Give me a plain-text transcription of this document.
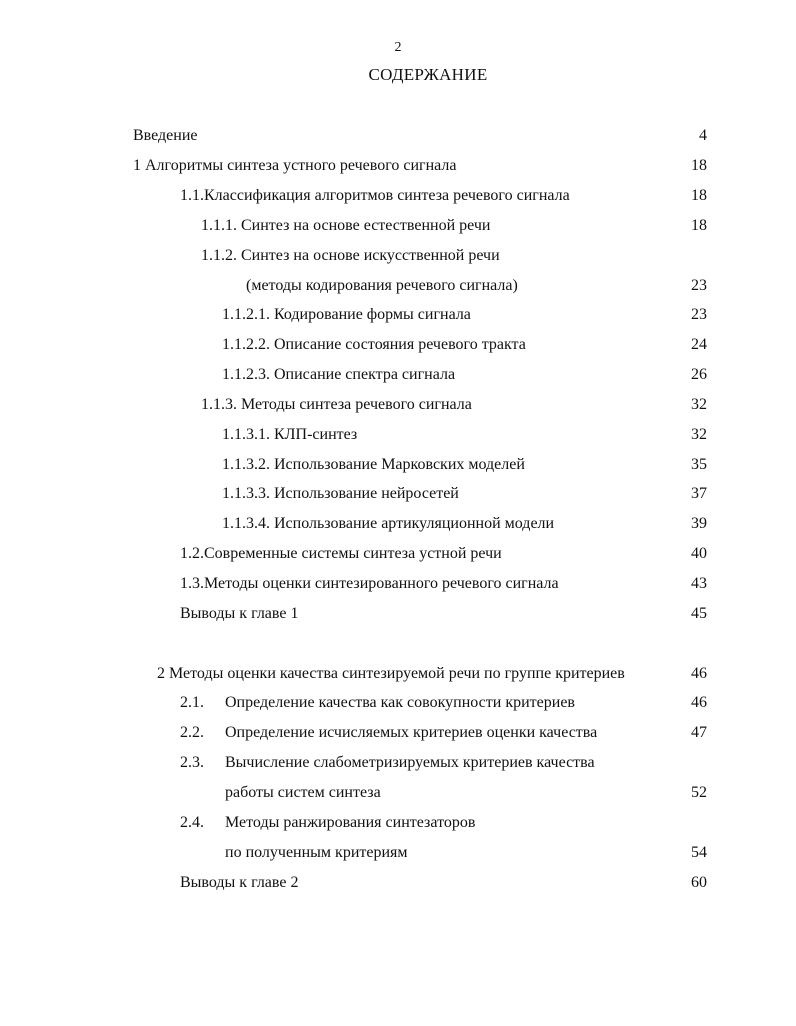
2
СОДЕРЖАНИЕ
Введение	4
1 Алгоритмы синтеза устного речевого сигнала	18
1.1.Классификация алгоритмов синтеза речевого сигнала	18
1.1.1. Синтез на основе естественной речи	18
1.1.2. Синтез на основе искусственной речи
(методы кодирования речевого сигнала)	23
1.1.2.1. Кодирование формы сигнала	23
1.1.2.2. Описание состояния речевого тракта	24
1.1.2.3. Описание спектра сигнала	26
1.1.3. Методы синтеза речевого сигнала	32
1.1.3.1. КЛП-синтез	32
1.1.3.2. Использование Марковских моделей	35
1.1.3.3. Использование нейросетей	37
1.1.3.4. Использование артикуляционной модели	39
1.2.Современные системы синтеза устной речи	40
1.3.Методы оценки синтезированного речевого сигнала	43
Выводы к главе 1	45
2 Методы оценки качества синтезируемой речи по группе критериев	46
2.1. Определение качества как совокупности критериев	46
2.2. Определение исчисляемых критериев оценки качества	47
2.3. Вычисление слабометризируемых критериев качества
работы систем синтеза	52
2.4. Методы ранжирования синтезаторов
по полученным критериям	54
Выводы к главе 2	60
